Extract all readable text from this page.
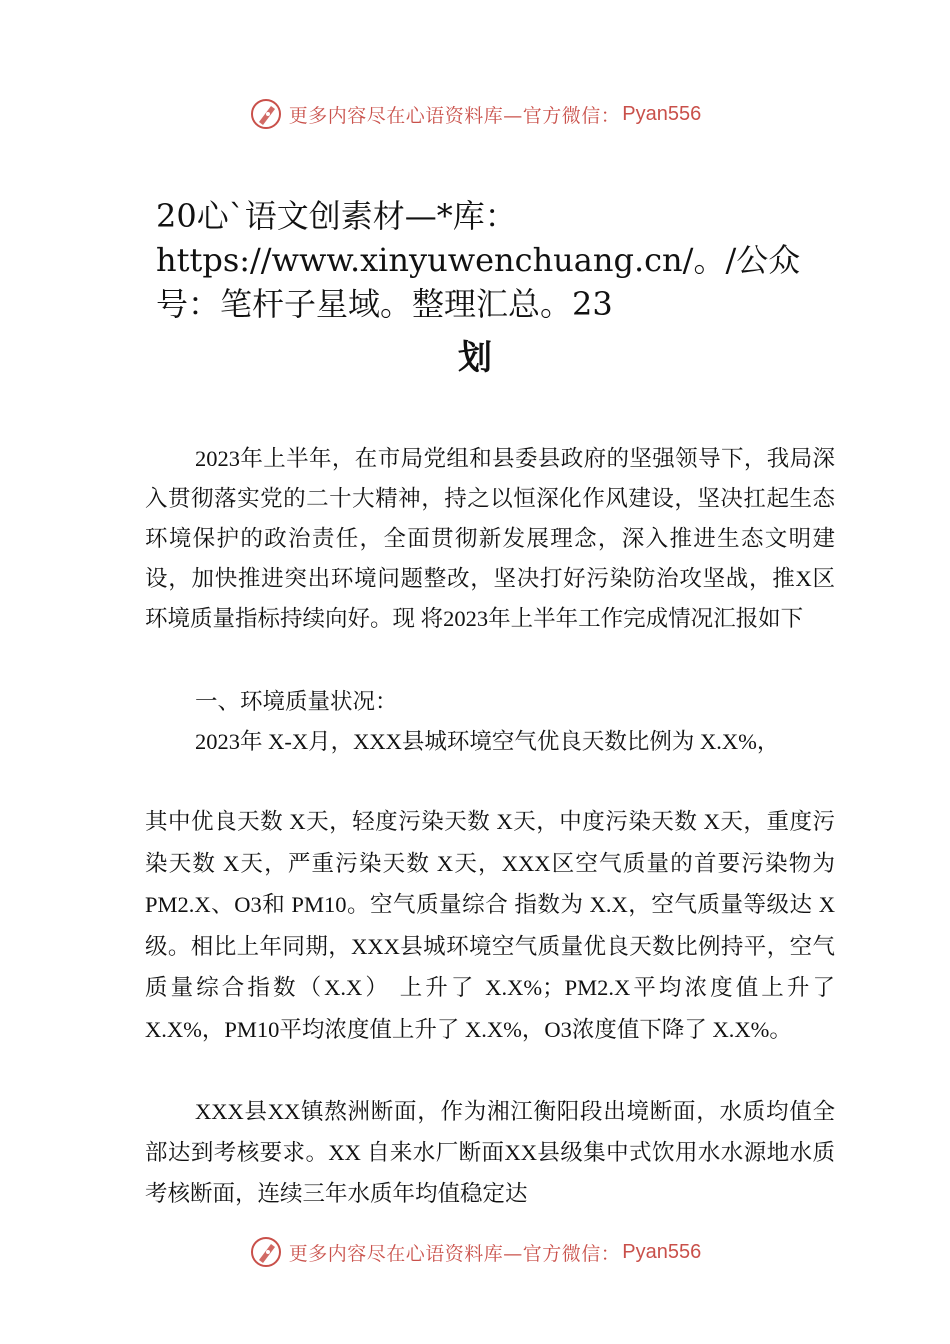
更多内容尽在心语资料库—官方微信： Pyan556
20心`语文创素材—*库：https://www.xinyuwenchuang.cn/。/公众号：笔杆子星域。整理汇总。23
划
2023年上半年，在市局党组和县委县政府的坚强领导下，我局深入贯彻落实党的二十大精神，持之以恒深化作风建设，坚决扛起生态环境保护的政治责任，全面贯彻新发展理念，深入推进生态文明建设，加快推进突出环境问题整改，坚决打好污染防治攻坚战，推X区环境质量指标持续向好。现 将2023年上半年工作完成情况汇报如下
一、环境质量状况：
2023年 X-X月，XXX县城环境空气优良天数比例为 X.X%，
其中优良天数 X天，轻度污染天数 X天，中度污染天数 X天，重度污染天数 X天，严重污染天数 X天，XXX区空气质量的首要污染物为 PM2.X、O3和 PM10。空气质量综合 指数为 X.X，空气质量等级达 X级。相比上年同期，XXX县城环境空气质量优良天数比例持平，空气质量综合指数（X.X） 上升了 X.X%；PM2.X平均浓度值上升了 X.X%，PM10平均浓度值上升了 X.X%，O3浓度值下降了 X.X%。
XXX县XX镇熬洲断面，作为湘江衡阳段出境断面，水质均值全部达到考核要求。XX 自来水厂断面XX县级集中式饮用水水源地水质考核断面，连续三年水质年均值稳定达
更多内容尽在心语资料库—官方微信： Pyan556
